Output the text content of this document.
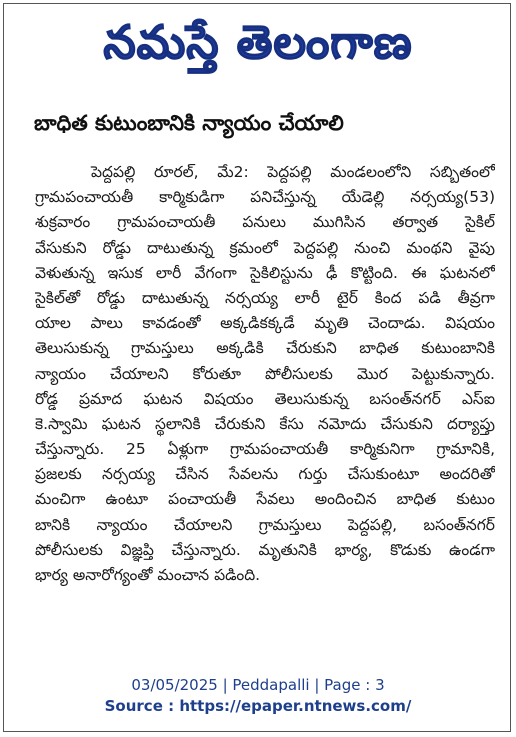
నమస్తే తెలంగాణ
బాధిత కుటుంబానికి న్యాయం చేయాలి
పెద్దపల్లి రూరల్, మే2: పెద్దపల్లి మండలంలోని సబ్బితంలో
గ్రామపంచాయతీ కార్మికుడిగా పనిచేస్తున్న యేడెల్లి నర్సయ్య(53)
శుక్రవారం గ్రామపంచాయతీ పనులు ముగిసిన తర్వాత సైకిల్
వేసుకుని రోడ్డు దాటుతున్న క్రమంలో పెద్దపల్లి నుంచి మంథని వైపు
వెళుతున్న ఇసుక లారీ వేగంగా సైకిలిస్టును ఢీ కొట్టింది. ఈ ఘటనలో
సైకిల్‌తో రోడ్డు దాటుతున్న నర్సయ్య లారీ టైర్ కింద పడి తీవ్రగా
యాల పాలు కావడంతో అక్కడికక్కడే మృతి చెందాడు. విషయం
తెలుసుకున్న గ్రామస్తులు అక్కడికి చేరుకుని బాధిత కుటుంబానికి
న్యాయం చేయాలని కోరుతూ పోలీసులకు మొర పెట్టుకున్నారు.
రోడ్డ ప్రమాద ఘటన విషయం తెలుసుకున్న బసంత్‌నగర్ ఎస్ఐ
కె.స్వామి ఘటన స్థలానికి చేరుకుని కేసు నమోదు చేసుకుని దర్యాప్తు
చేస్తున్నారు. 25 ఏళ్లుగా గ్రామపంచాయతీ కార్మికునిగా గ్రామానికి,
ప్రజలకు నర్సయ్య చేసిన సేవలను గుర్తు చేసుకుంటూ అందరితో
మంచిగా ఉంటూ పంచాయతీ సేవలు అందించిన బాధిత కుటుం
బానికి న్యాయం చేయాలని గ్రామస్తులు పెద్దపల్లి, బసంత్‌నగర్
పోలీసులకు విజ్ఞప్తి చేస్తున్నారు. మృతునికి భార్య, కొడుకు ఉండగా
భార్య అనారోగ్యంతో మంచాన పడింది.
03/05/2025 | Peddapalli | Page : 3
Source : https://epaper.ntnews.com/
